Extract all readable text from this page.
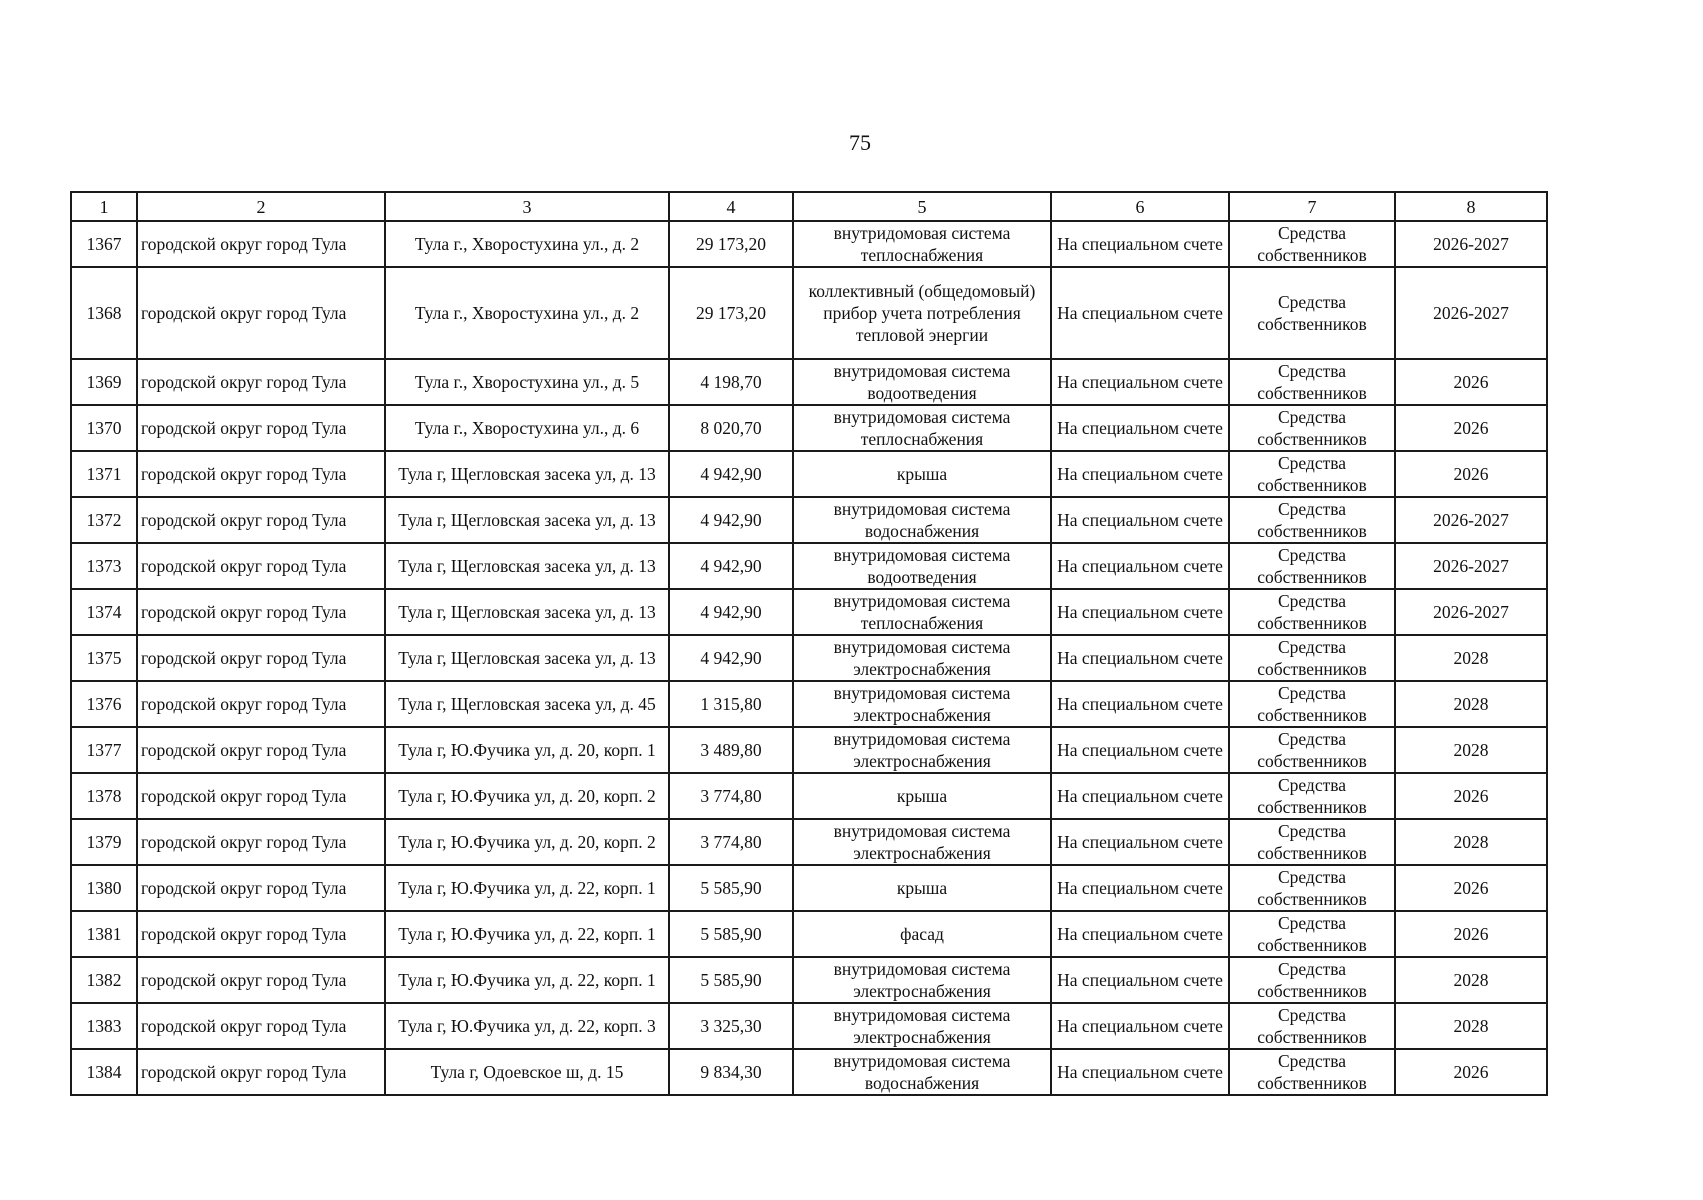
75
1	2	3	4	5	6	7	8
1367	городской округ город Тула	Тула г., Хворостухина ул., д. 2	29 173,20	внутридомовая система теплоснабжения	На специальном счете	Средства собственников	2026-2027
1368	городской округ город Тула	Тула г., Хворостухина ул., д. 2	29 173,20	коллективный (общедомовый) прибор учета потребления тепловой энергии	На специальном счете	Средства собственников	2026-2027
1369	городской округ город Тула	Тула г., Хворостухина ул., д. 5	4 198,70	внутридомовая система водоотведения	На специальном счете	Средства собственников	2026
1370	городской округ город Тула	Тула г., Хворостухина ул., д. 6	8 020,70	внутридомовая система теплоснабжения	На специальном счете	Средства собственников	2026
1371	городской округ город Тула	Тула г, Щегловская засека ул, д. 13	4 942,90	крыша	На специальном счете	Средства собственников	2026
1372	городской округ город Тула	Тула г, Щегловская засека ул, д. 13	4 942,90	внутридомовая система водоснабжения	На специальном счете	Средства собственников	2026-2027
1373	городской округ город Тула	Тула г, Щегловская засека ул, д. 13	4 942,90	внутридомовая система водоотведения	На специальном счете	Средства собственников	2026-2027
1374	городской округ город Тула	Тула г, Щегловская засека ул, д. 13	4 942,90	внутридомовая система теплоснабжения	На специальном счете	Средства собственников	2026-2027
1375	городской округ город Тула	Тула г, Щегловская засека ул, д. 13	4 942,90	внутридомовая система электроснабжения	На специальном счете	Средства собственников	2028
1376	городской округ город Тула	Тула г, Щегловская засека ул, д. 45	1 315,80	внутридомовая система электроснабжения	На специальном счете	Средства собственников	2028
1377	городской округ город Тула	Тула г, Ю.Фучика ул, д. 20, корп. 1	3 489,80	внутридомовая система электроснабжения	На специальном счете	Средства собственников	2028
1378	городской округ город Тула	Тула г, Ю.Фучика ул, д. 20, корп. 2	3 774,80	крыша	На специальном счете	Средства собственников	2026
1379	городской округ город Тула	Тула г, Ю.Фучика ул, д. 20, корп. 2	3 774,80	внутридомовая система электроснабжения	На специальном счете	Средства собственников	2028
1380	городской округ город Тула	Тула г, Ю.Фучика ул, д. 22, корп. 1	5 585,90	крыша	На специальном счете	Средства собственников	2026
1381	городской округ город Тула	Тула г, Ю.Фучика ул, д. 22, корп. 1	5 585,90	фасад	На специальном счете	Средства собственников	2026
1382	городской округ город Тула	Тула г, Ю.Фучика ул, д. 22, корп. 1	5 585,90	внутридомовая система электроснабжения	На специальном счете	Средства собственников	2028
1383	городской округ город Тула	Тула г, Ю.Фучика ул, д. 22, корп. 3	3 325,30	внутридомовая система электроснабжения	На специальном счете	Средства собственников	2028
1384	городской округ город Тула	Тула г, Одоевское ш, д. 15	9 834,30	внутридомовая система водоснабжения	На специальном счете	Средства собственников	2026
